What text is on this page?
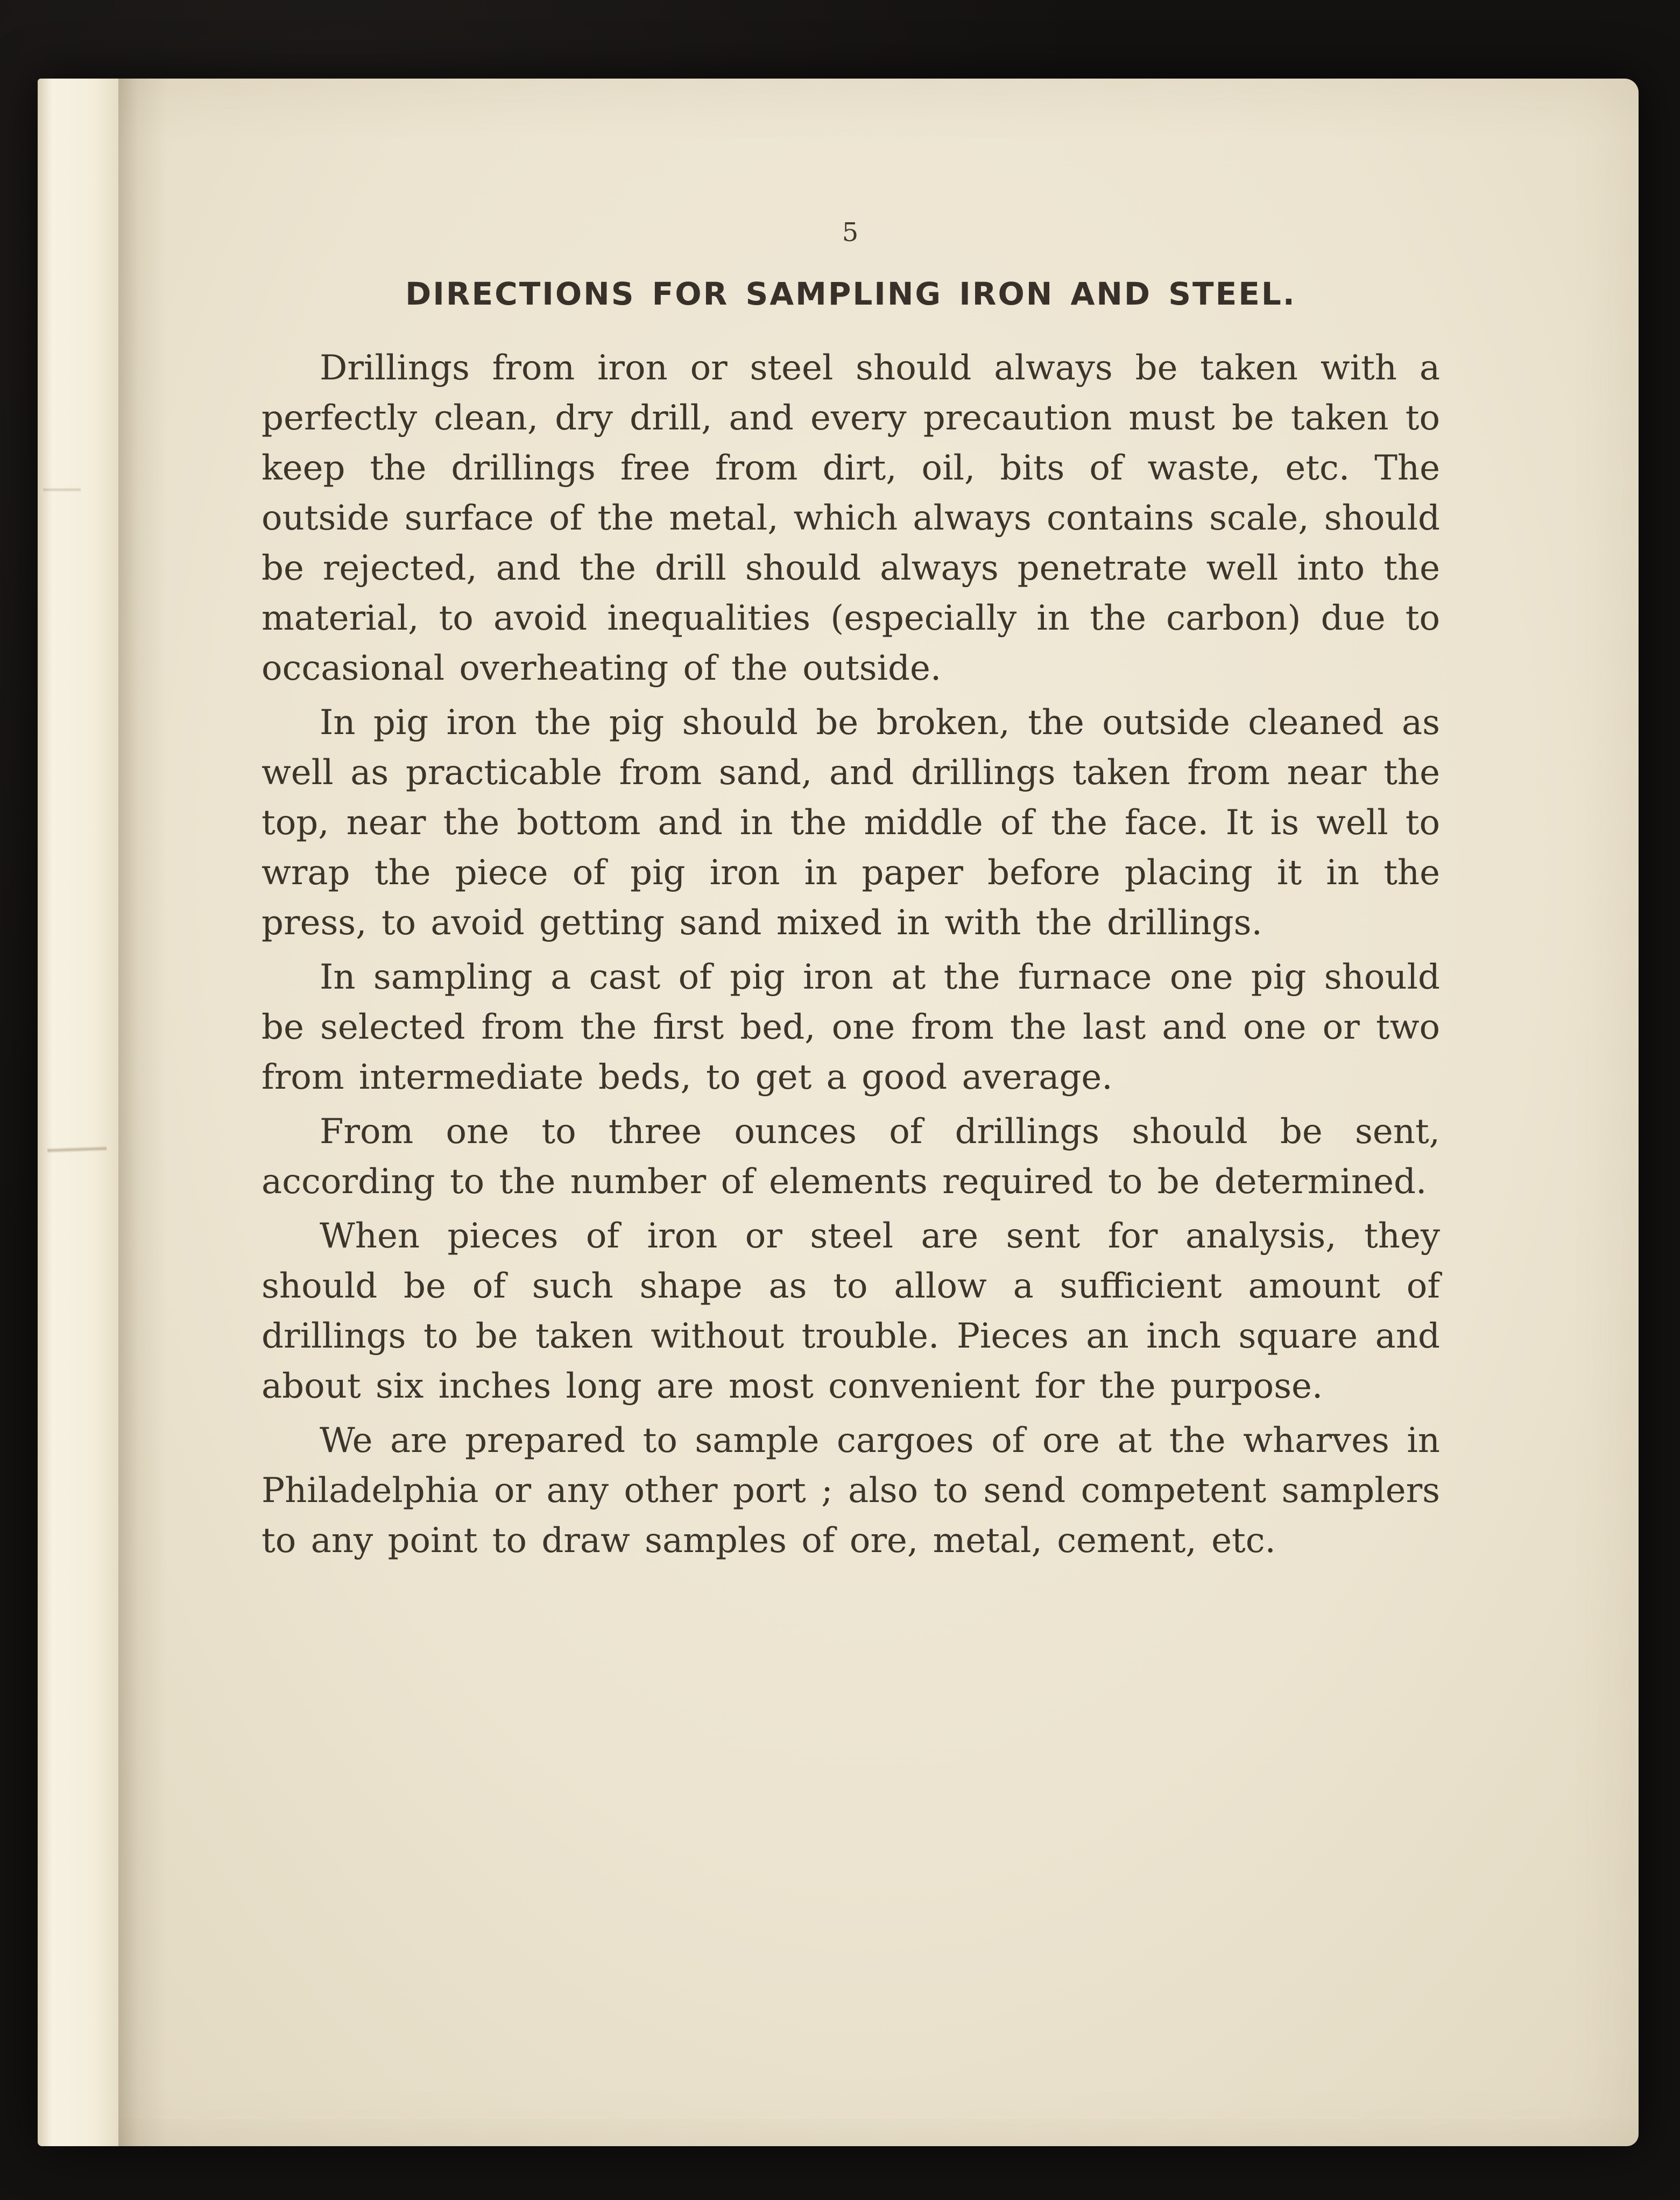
5
DIRECTIONS FOR SAMPLING IRON AND STEEL.

Drillings from iron or steel should always be taken with a perfectly clean, dry drill, and every precaution must be taken to keep the drillings free from dirt, oil, bits of waste, etc. The outside surface of the metal, which always contains scale, should be rejected, and the drill should always penetrate well into the material, to avoid inequalities (especially in the carbon) due to occasional overheating of the outside.

In pig iron the pig should be broken, the outside cleaned as well as practicable from sand, and drillings taken from near the top, near the bottom and in the middle of the face. It is well to wrap the piece of pig iron in paper before placing it in the press, to avoid getting sand mixed in with the drillings.

In sampling a cast of pig iron at the furnace one pig should be selected from the first bed, one from the last and one or two from intermediate beds, to get a good average.

From one to three ounces of drillings should be sent, according to the number of elements required to be determined.

When pieces of iron or steel are sent for analysis, they should be of such shape as to allow a sufficient amount of drillings to be taken without trouble. Pieces an inch square and about six inches long are most convenient for the purpose.

We are prepared to sample cargoes of ore at the wharves in Philadelphia or any other port ; also to send competent samplers to any point to draw samples of ore, metal, cement, etc.
